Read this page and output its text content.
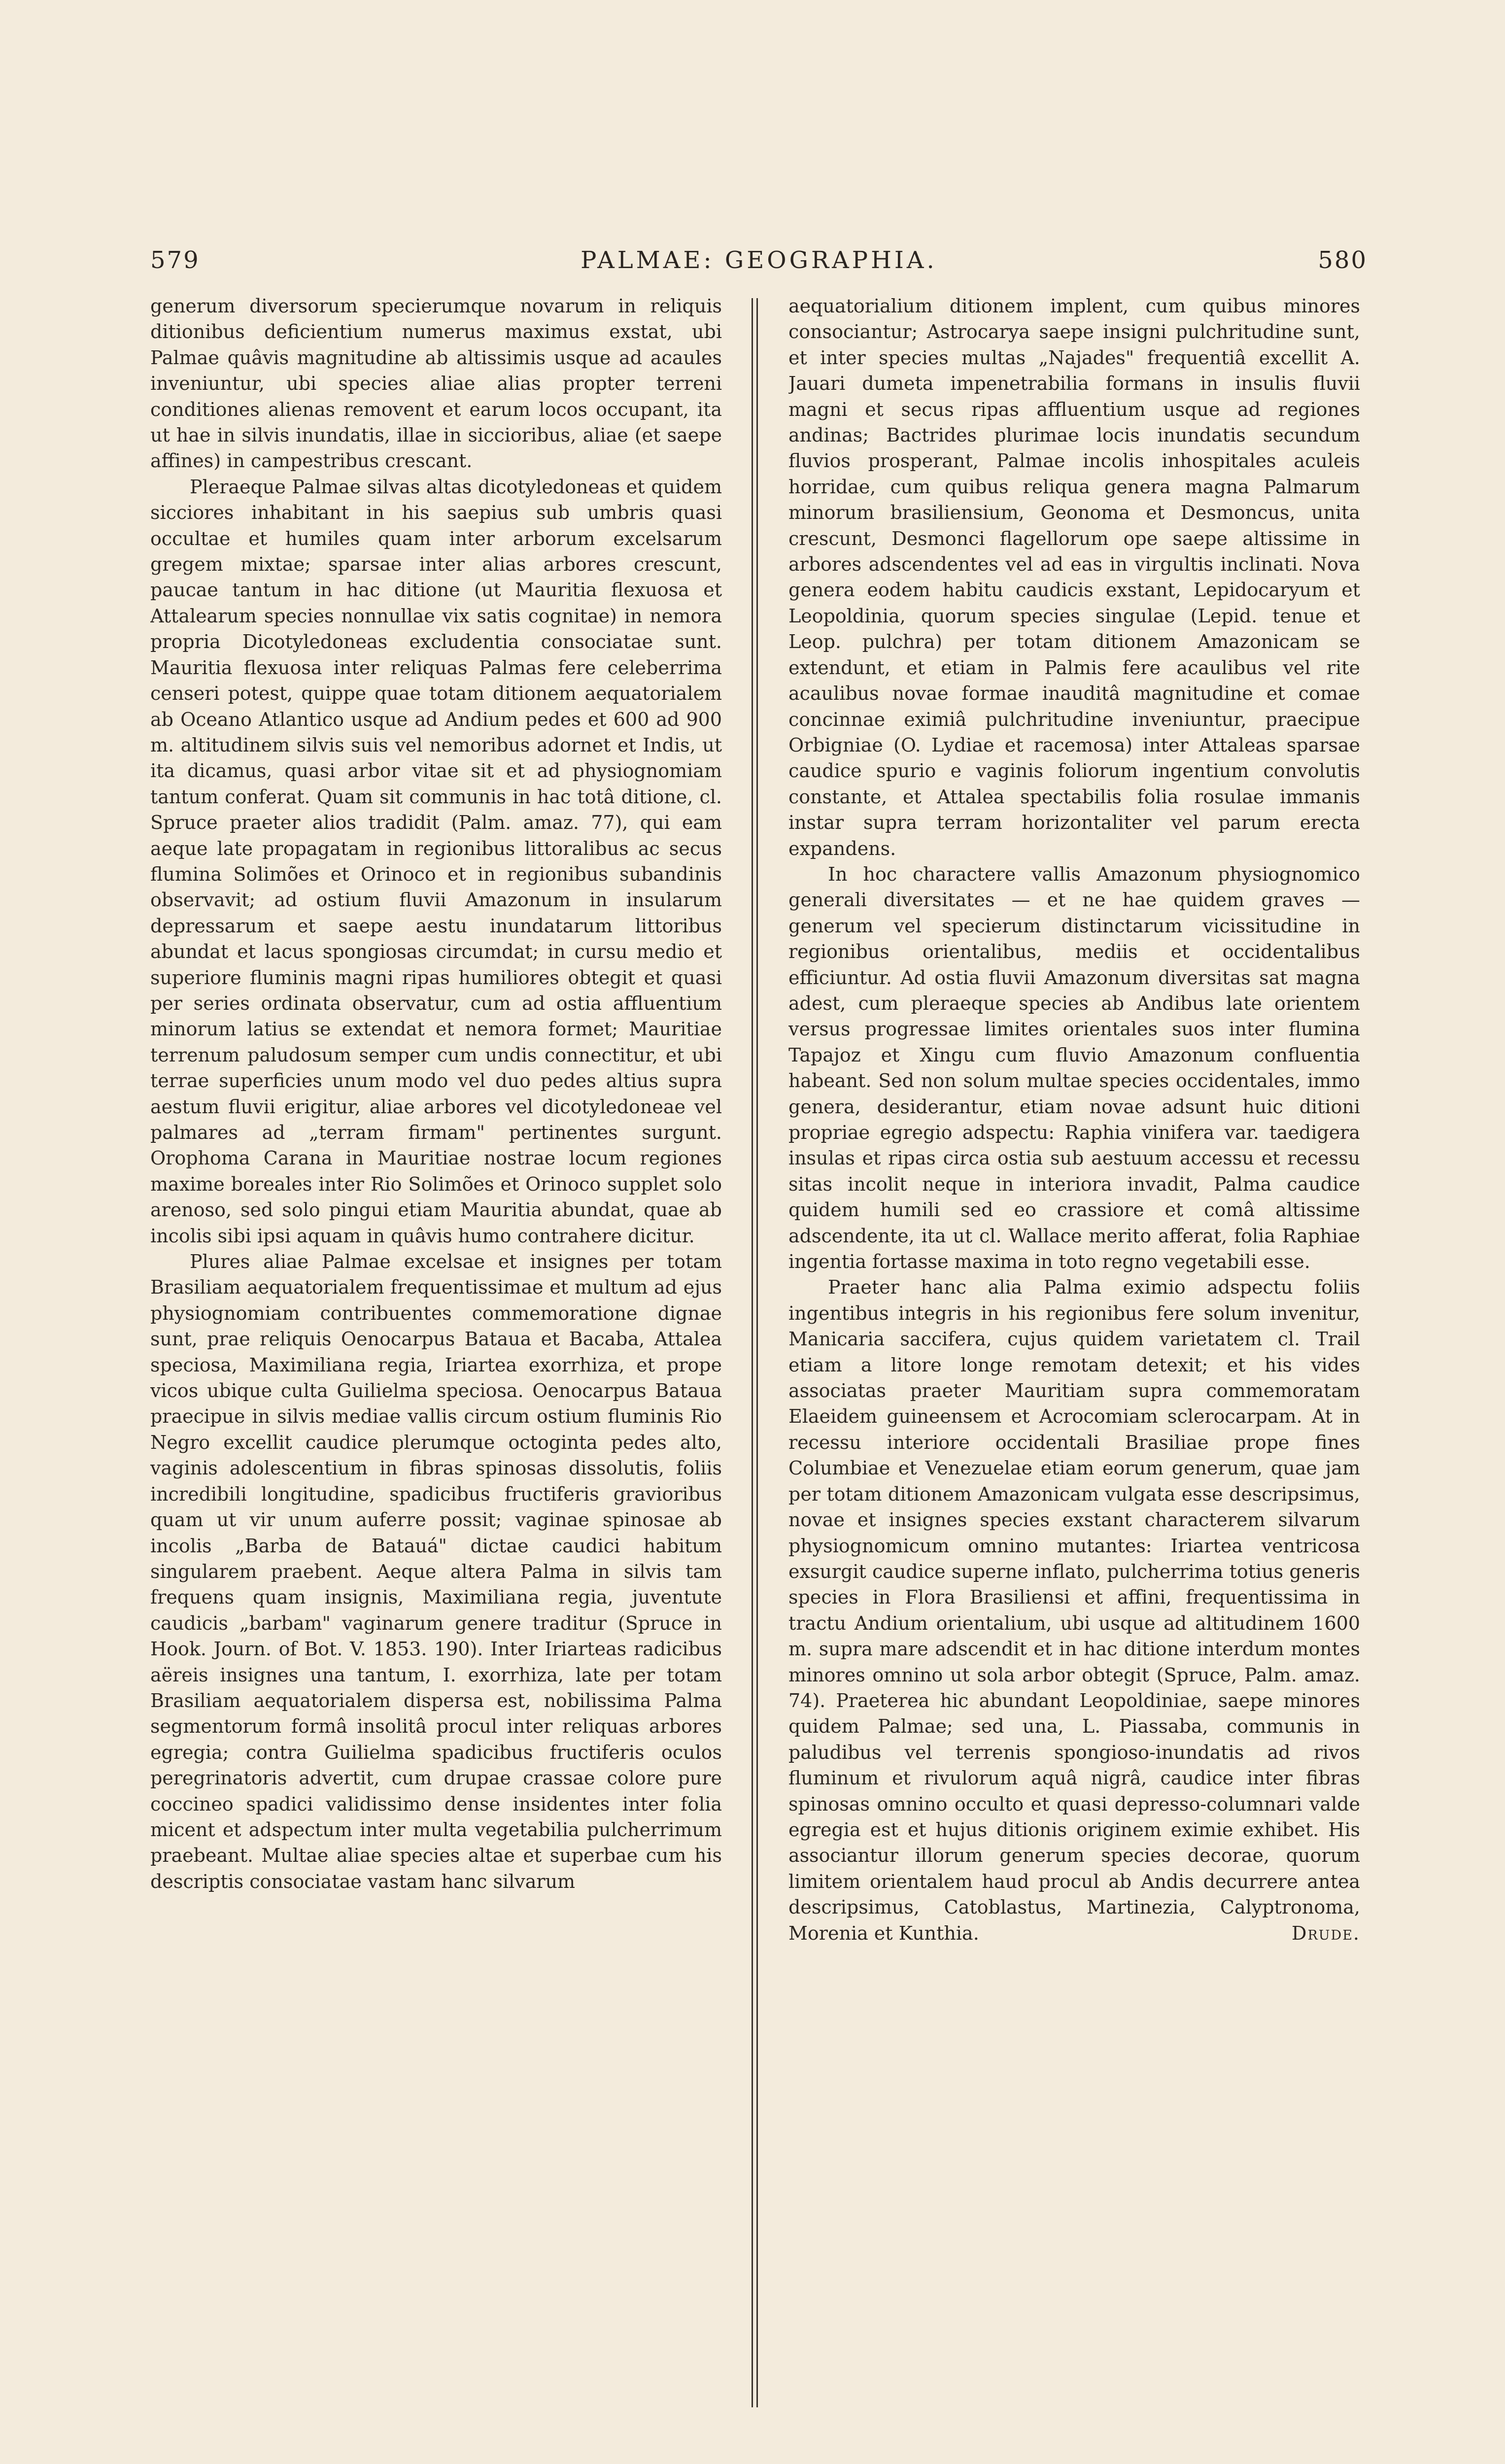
579	PALMAE: GEOGRAPHIA.	580

generum diversorum specierumque novarum in reliquis ditionibus deficientium numerus maximus exstat, ubi Palmae quâvis magnitudine ab altissimis usque ad acaules inveniuntur, ubi species aliae alias propter terreni conditiones alienas removent et earum locos occupant, ita ut hae in silvis inundatis, illae in siccioribus, aliae (et saepe affines) in campestribus crescant.

Pleraeque Palmae silvas altas dicotyledoneas et quidem sicciores inhabitant in his saepius sub umbris quasi occultae et humiles quam inter arborum excelsarum gregem mixtae; sparsae inter alias arbores crescunt, paucae tantum in hac ditione (ut Mauritia flexuosa et Attalearum species nonnullae vix satis cognitae) in nemora propria Dicotyledoneas excludentia consociatae sunt. Mauritia flexuosa inter reliquas Palmas fere celeberrima censeri potest, quippe quae totam ditionem aequatorialem ab Oceano Atlantico usque ad Andium pedes et 600 ad 900 m. altitudinem silvis suis vel nemoribus adornet et Indis, ut ita dicamus, quasi arbor vitae sit et ad physiognomiam tantum conferat. Quam sit communis in hac totâ ditione, cl. Spruce praeter alios tradidit (Palm. amaz. 77), qui eam aeque late propagatam in regionibus littoralibus ac secus flumina Solimões et Orinoco et in regionibus subandinis observavit; ad ostium fluvii Amazonum in insularum depressarum et saepe aestu inundatarum littoribus abundat et lacus spongiosas circumdat; in cursu medio et superiore fluminis magni ripas humiliores obtegit et quasi per series ordinata observatur, cum ad ostia affluentium minorum latius se extendat et nemora formet; Mauritiae terrenum paludosum semper cum undis connectitur, et ubi terrae superficies unum modo vel duo pedes altius supra aestum fluvii erigitur, aliae arbores vel dicotyledoneae vel palmares ad „terram firmam" pertinentes surgunt. Orophoma Carana in Mauritiae nostrae locum regiones maxime boreales inter Rio Solimões et Orinoco supplet solo arenoso, sed solo pingui etiam Mauritia abundat, quae ab incolis sibi ipsi aquam in quâvis humo contrahere dicitur.

Plures aliae Palmae excelsae et insignes per totam Brasiliam aequatorialem frequentissimae et multum ad ejus physiognomiam contribuentes commemoratione dignae sunt, prae reliquis Oenocarpus Bataua et Bacaba, Attalea speciosa, Maximiliana regia, Iriartea exorrhiza, et prope vicos ubique culta Guilielma speciosa. Oenocarpus Bataua praecipue in silvis mediae vallis circum ostium fluminis Rio Negro excellit caudice plerumque octoginta pedes alto, vaginis adolescentium in fibras spinosas dissolutis, foliis incredibili longitudine, spadicibus fructiferis gravioribus quam ut vir unum auferre possit; vaginae spinosae ab incolis „Barba de Batauá" dictae caudici habitum singularem praebent. Aeque altera Palma in silvis tam frequens quam insignis, Maximiliana regia, juventute caudicis „barbam" vaginarum genere traditur (Spruce in Hook. Journ. of Bot. V. 1853. 190). Inter Iriarteas radicibus aëreis insignes una tantum, I. exorrhiza, late per totam Brasiliam aequatorialem dispersa est, nobilissima Palma segmentorum formâ insolitâ procul inter reliquas arbores egregia; contra Guilielma spadicibus fructiferis oculos peregrinatoris advertit, cum drupae crassae colore pure coccineo spadici validissimo dense insidentes inter folia micent et adspectum inter multa vegetabilia pulcherrimum praebeant. Multae aliae species altae et superbae cum his descriptis consociatae vastam hanc silvarum

aequatorialium ditionem implent, cum quibus minores consociantur; Astrocarya saepe insigni pulchritudine sunt, et inter species multas „Najades" frequentiâ excellit A. Jauari dumeta impenetrabilia formans in insulis fluvii magni et secus ripas affluentium usque ad regiones andinas; Bactrides plurimae locis inundatis secundum fluvios prosperant, Palmae incolis inhospitales aculeis horridae, cum quibus reliqua genera magna Palmarum minorum brasiliensium, Geonoma et Desmoncus, unita crescunt, Desmonci flagellorum ope saepe altissime in arbores adscendentes vel ad eas in virgultis inclinati. Nova genera eodem habitu caudicis exstant, Lepidocaryum et Leopoldinia, quorum species singulae (Lepid. tenue et Leop. pulchra) per totam ditionem Amazonicam se extendunt, et etiam in Palmis fere acaulibus vel rite acaulibus novae formae inauditâ magnitudine et comae concinnae eximiâ pulchritudine inveniuntur, praecipue Orbigniae (O. Lydiae et racemosa) inter Attaleas sparsae caudice spurio e vaginis foliorum ingentium convolutis constante, et Attalea spectabilis folia rosulae immanis instar supra terram horizontaliter vel parum erecta expandens.

In hoc charactere vallis Amazonum physiognomico generali diversitates — et ne hae quidem graves — generum vel specierum distinctarum vicissitudine in regionibus orientalibus, mediis et occidentalibus efficiuntur. Ad ostia fluvii Amazonum diversitas sat magna adest, cum pleraeque species ab Andibus late orientem versus progressae limites orientales suos inter flumina Tapajoz et Xingu cum fluvio Amazonum confluentia habeant. Sed non solum multae species occidentales, immo genera, desiderantur, etiam novae adsunt huic ditioni propriae egregio adspectu: Raphia vinifera var. taedigera insulas et ripas circa ostia sub aestuum accessu et recessu sitas incolit neque in interiora invadit, Palma caudice quidem humili sed eo crassiore et comâ altissime adscendente, ita ut cl. Wallace merito afferat, folia Raphiae ingentia fortasse maxima in toto regno vegetabili esse.

Praeter hanc alia Palma eximio adspectu foliis ingentibus integris in his regionibus fere solum invenitur, Manicaria saccifera, cujus quidem varietatem cl. Trail etiam a litore longe remotam detexit; et his vides associatas praeter Mauritiam supra commemoratam Elaeidem guineensem et Acrocomiam sclerocarpam. At in recessu interiore occidentali Brasiliae prope fines Columbiae et Venezuelae etiam eorum generum, quae jam per totam ditionem Amazonicam vulgata esse descripsimus, novae et insignes species exstant characterem silvarum physiognomicum omnino mutantes: Iriartea ventricosa exsurgit caudice superne inflato, pulcherrima totius generis species in Flora Brasiliensi et affini, frequentissima in tractu Andium orientalium, ubi usque ad altitudinem 1600 m. supra mare adscendit et in hac ditione interdum montes minores omnino ut sola arbor obtegit (Spruce, Palm. amaz. 74). Praeterea hic abundant Leopoldiniae, saepe minores quidem Palmae; sed una, L. Piassaba, communis in paludibus vel terrenis spongioso-inundatis ad rivos fluminum et rivulorum aquâ nigrâ, caudice inter fibras spinosas omnino occulto et quasi depresso-columnari valde egregia est et hujus ditionis originem eximie exhibet. His associantur illorum generum species decorae, quorum limitem orientalem haud procul ab Andis decurrere antea descripsimus, Catoblastus, Martinezia, Calyptronoma, Morenia et Kunthia.	Drude.
